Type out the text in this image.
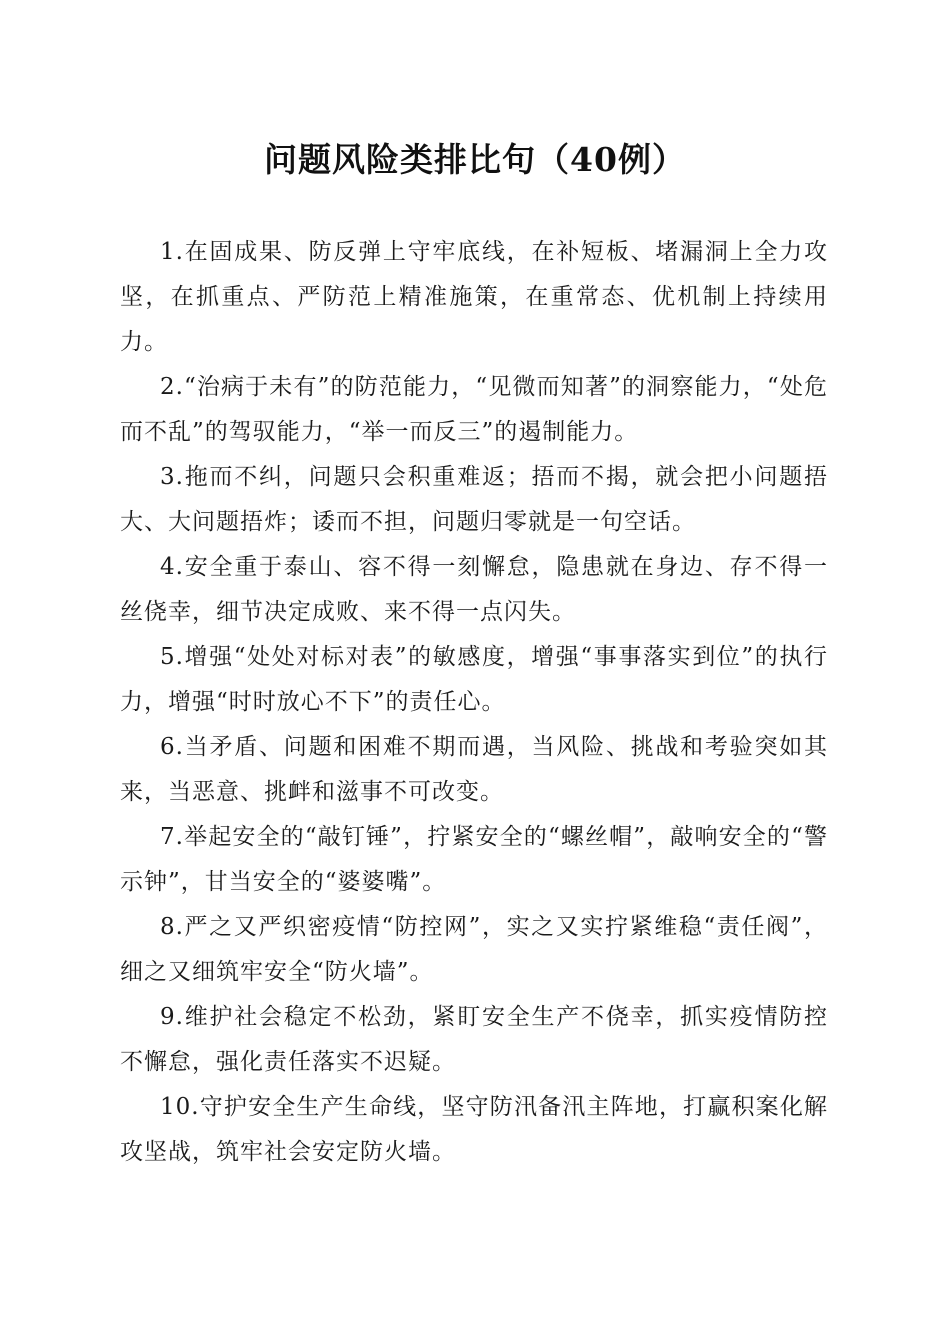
问题风险类排比句（40例）

1.在固成果、防反弹上守牢底线，在补短板、堵漏洞上全力攻坚，在抓重点、严防范上精准施策，在重常态、优机制上持续用力。

2.“治病于未有”的防范能力，“见微而知著”的洞察能力，“处危而不乱”的驾驭能力，“举一而反三”的遏制能力。

3.拖而不纠，问题只会积重难返；捂而不揭，就会把小问题捂大、大问题捂炸；诿而不担，问题归零就是一句空话。

4.安全重于泰山、容不得一刻懈怠，隐患就在身边、存不得一丝侥幸，细节决定成败、来不得一点闪失。

5.增强“处处对标对表”的敏感度，增强“事事落实到位”的执行力，增强“时时放心不下”的责任心。

6.当矛盾、问题和困难不期而遇，当风险、挑战和考验突如其来，当恶意、挑衅和滋事不可改变。

7.举起安全的“敲钉锤”，拧紧安全的“螺丝帽”，敲响安全的“警示钟”，甘当安全的“婆婆嘴”。

8.严之又严织密疫情“防控网”，实之又实拧紧维稳“责任阀”，细之又细筑牢安全“防火墙”。

9.维护社会稳定不松劲，紧盯安全生产不侥幸，抓实疫情防控不懈怠，强化责任落实不迟疑。

10.守护安全生产生命线，坚守防汛备汛主阵地，打赢积案化解攻坚战，筑牢社会安定防火墙。
